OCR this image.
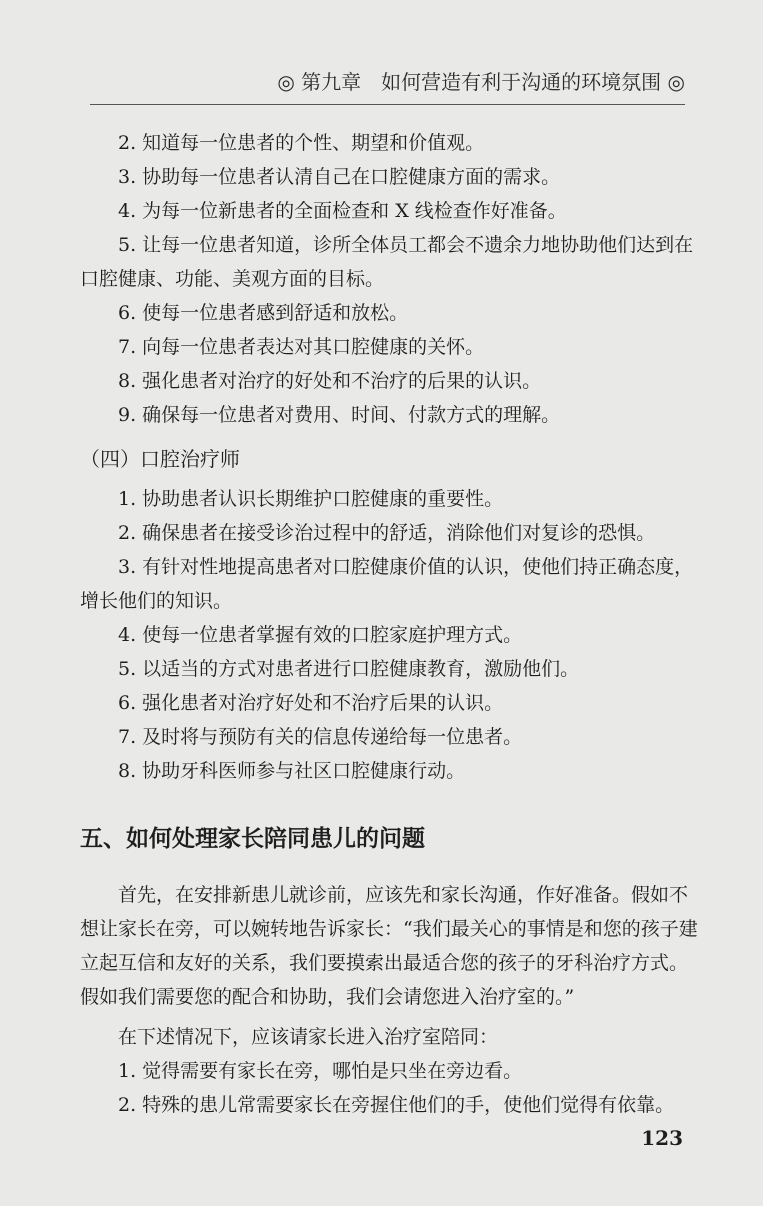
◎ 第九章　如何营造有利于沟通的环境氛围 ◎

2. 知道每一位患者的个性、期望和价值观。

3. 协助每一位患者认清自己在口腔健康方面的需求。

4. 为每一位新患者的全面检查和 X 线检查作好准备。

5. 让每一位患者知道，诊所全体员工都会不遗余力地协助他们达到在口腔健康、功能、美观方面的目标。

6. 使每一位患者感到舒适和放松。

7. 向每一位患者表达对其口腔健康的关怀。

8. 强化患者对治疗的好处和不治疗的后果的认识。

9. 确保每一位患者对费用、时间、付款方式的理解。

（四）口腔治疗师

1. 协助患者认识长期维护口腔健康的重要性。

2. 确保患者在接受诊治过程中的舒适，消除他们对复诊的恐惧。

3. 有针对性地提高患者对口腔健康价值的认识，使他们持正确态度，增长他们的知识。

4. 使每一位患者掌握有效的口腔家庭护理方式。

5. 以适当的方式对患者进行口腔健康教育，激励他们。

6. 强化患者对治疗好处和不治疗后果的认识。

7. 及时将与预防有关的信息传递给每一位患者。

8. 协助牙科医师参与社区口腔健康行动。

五、如何处理家长陪同患儿的问题

首先，在安排新患儿就诊前，应该先和家长沟通，作好准备。假如不想让家长在旁，可以婉转地告诉家长：“我们最关心的事情是和您的孩子建立起互信和友好的关系，我们要摸索出最适合您的孩子的牙科治疗方式。假如我们需要您的配合和协助，我们会请您进入治疗室的。”

在下述情况下，应该请家长进入治疗室陪同：

1. 觉得需要有家长在旁，哪怕是只坐在旁边看。

2. 特殊的患儿常需要家长在旁握住他们的手，使他们觉得有依靠。

123
